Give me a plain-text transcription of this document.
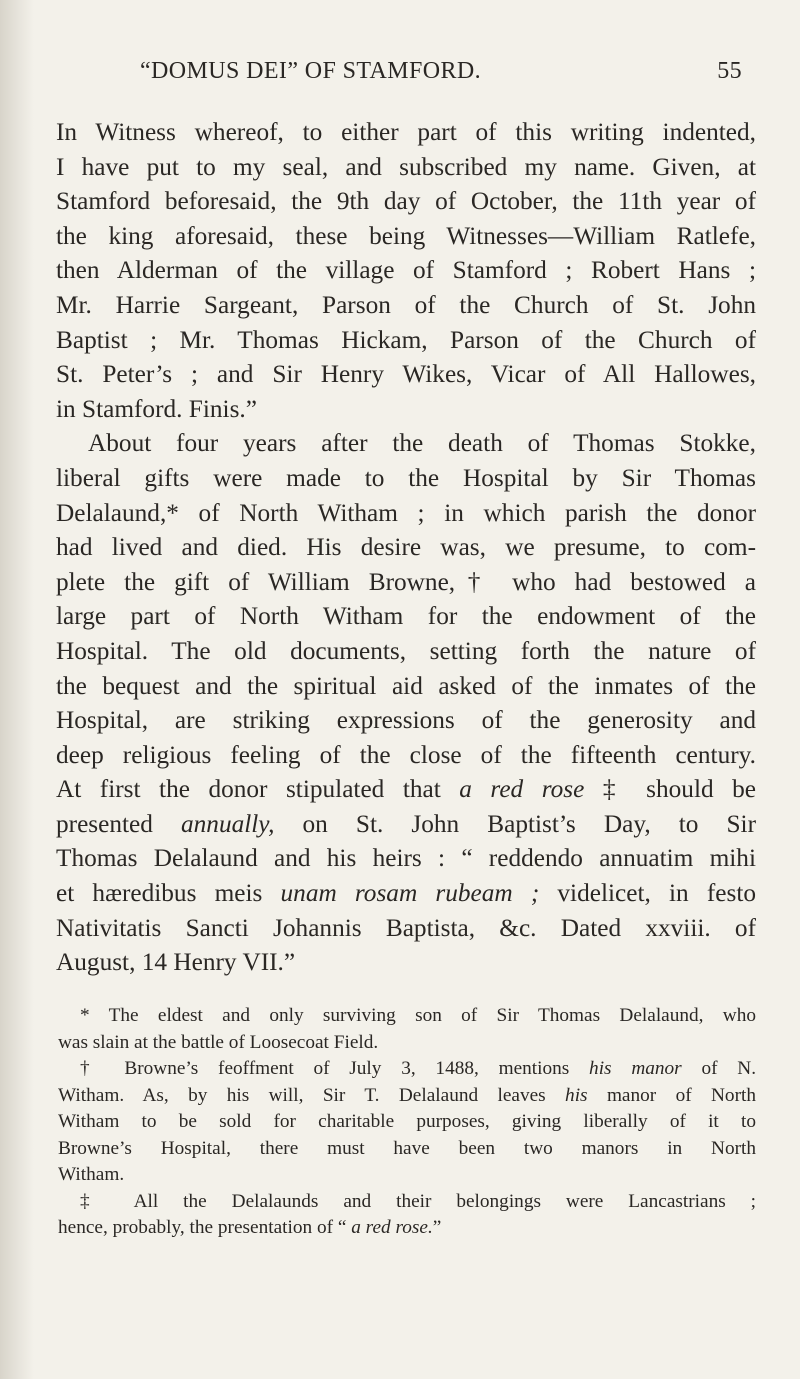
“DOMUS DEI” OF STAMFORD.	55
In Witness whereof, to either part of this writing indented,
I have put to my seal, and subscribed my name. Given, at
Stamford beforesaid, the 9th day of October, the 11th year of
the king aforesaid, these being Witnesses—William Ratlefe,
then Alderman of the village of Stamford ; Robert Hans ;
Mr. Harrie Sargeant, Parson of the Church of St. John
Baptist ; Mr. Thomas Hickam, Parson of the Church of
St. Peter’s ; and Sir Henry Wikes, Vicar of All Hallowes,
in Stamford. Finis.”
About four years after the death of Thomas Stokke,
liberal gifts were made to the Hospital by Sir Thomas
Delalaund,* of North Witham ; in which parish the donor
had lived and died. His desire was, we presume, to com-
plete the gift of William Browne,† who had bestowed a
large part of North Witham for the endowment of the
Hospital. The old documents, setting forth the nature of
the bequest and the spiritual aid asked of the inmates of the
Hospital, are striking expressions of the generosity and
deep religious feeling of the close of the fifteenth century.
At first the donor stipulated that a red rose ‡ should be
presented annually, on St. John Baptist’s Day, to Sir
Thomas Delalaund and his heirs : “ reddendo annuatim mihi
et hæredibus meis unam rosam rubeam ; videlicet, in festo
Nativitatis Sancti Johannis Baptista, &c. Dated xxviii. of
August, 14 Henry VII.”
* The eldest and only surviving son of Sir Thomas Delalaund, who
was slain at the battle of Loosecoat Field.
† Browne’s feoffment of July 3, 1488, mentions his manor of N.
Witham. As, by his will, Sir T. Delalaund leaves his manor of North
Witham to be sold for charitable purposes, giving liberally of it to
Browne’s Hospital, there must have been two manors in North
Witham.
‡ All the Delalaunds and their belongings were Lancastrians ;
hence, probably, the presentation of “ a red rose.”
